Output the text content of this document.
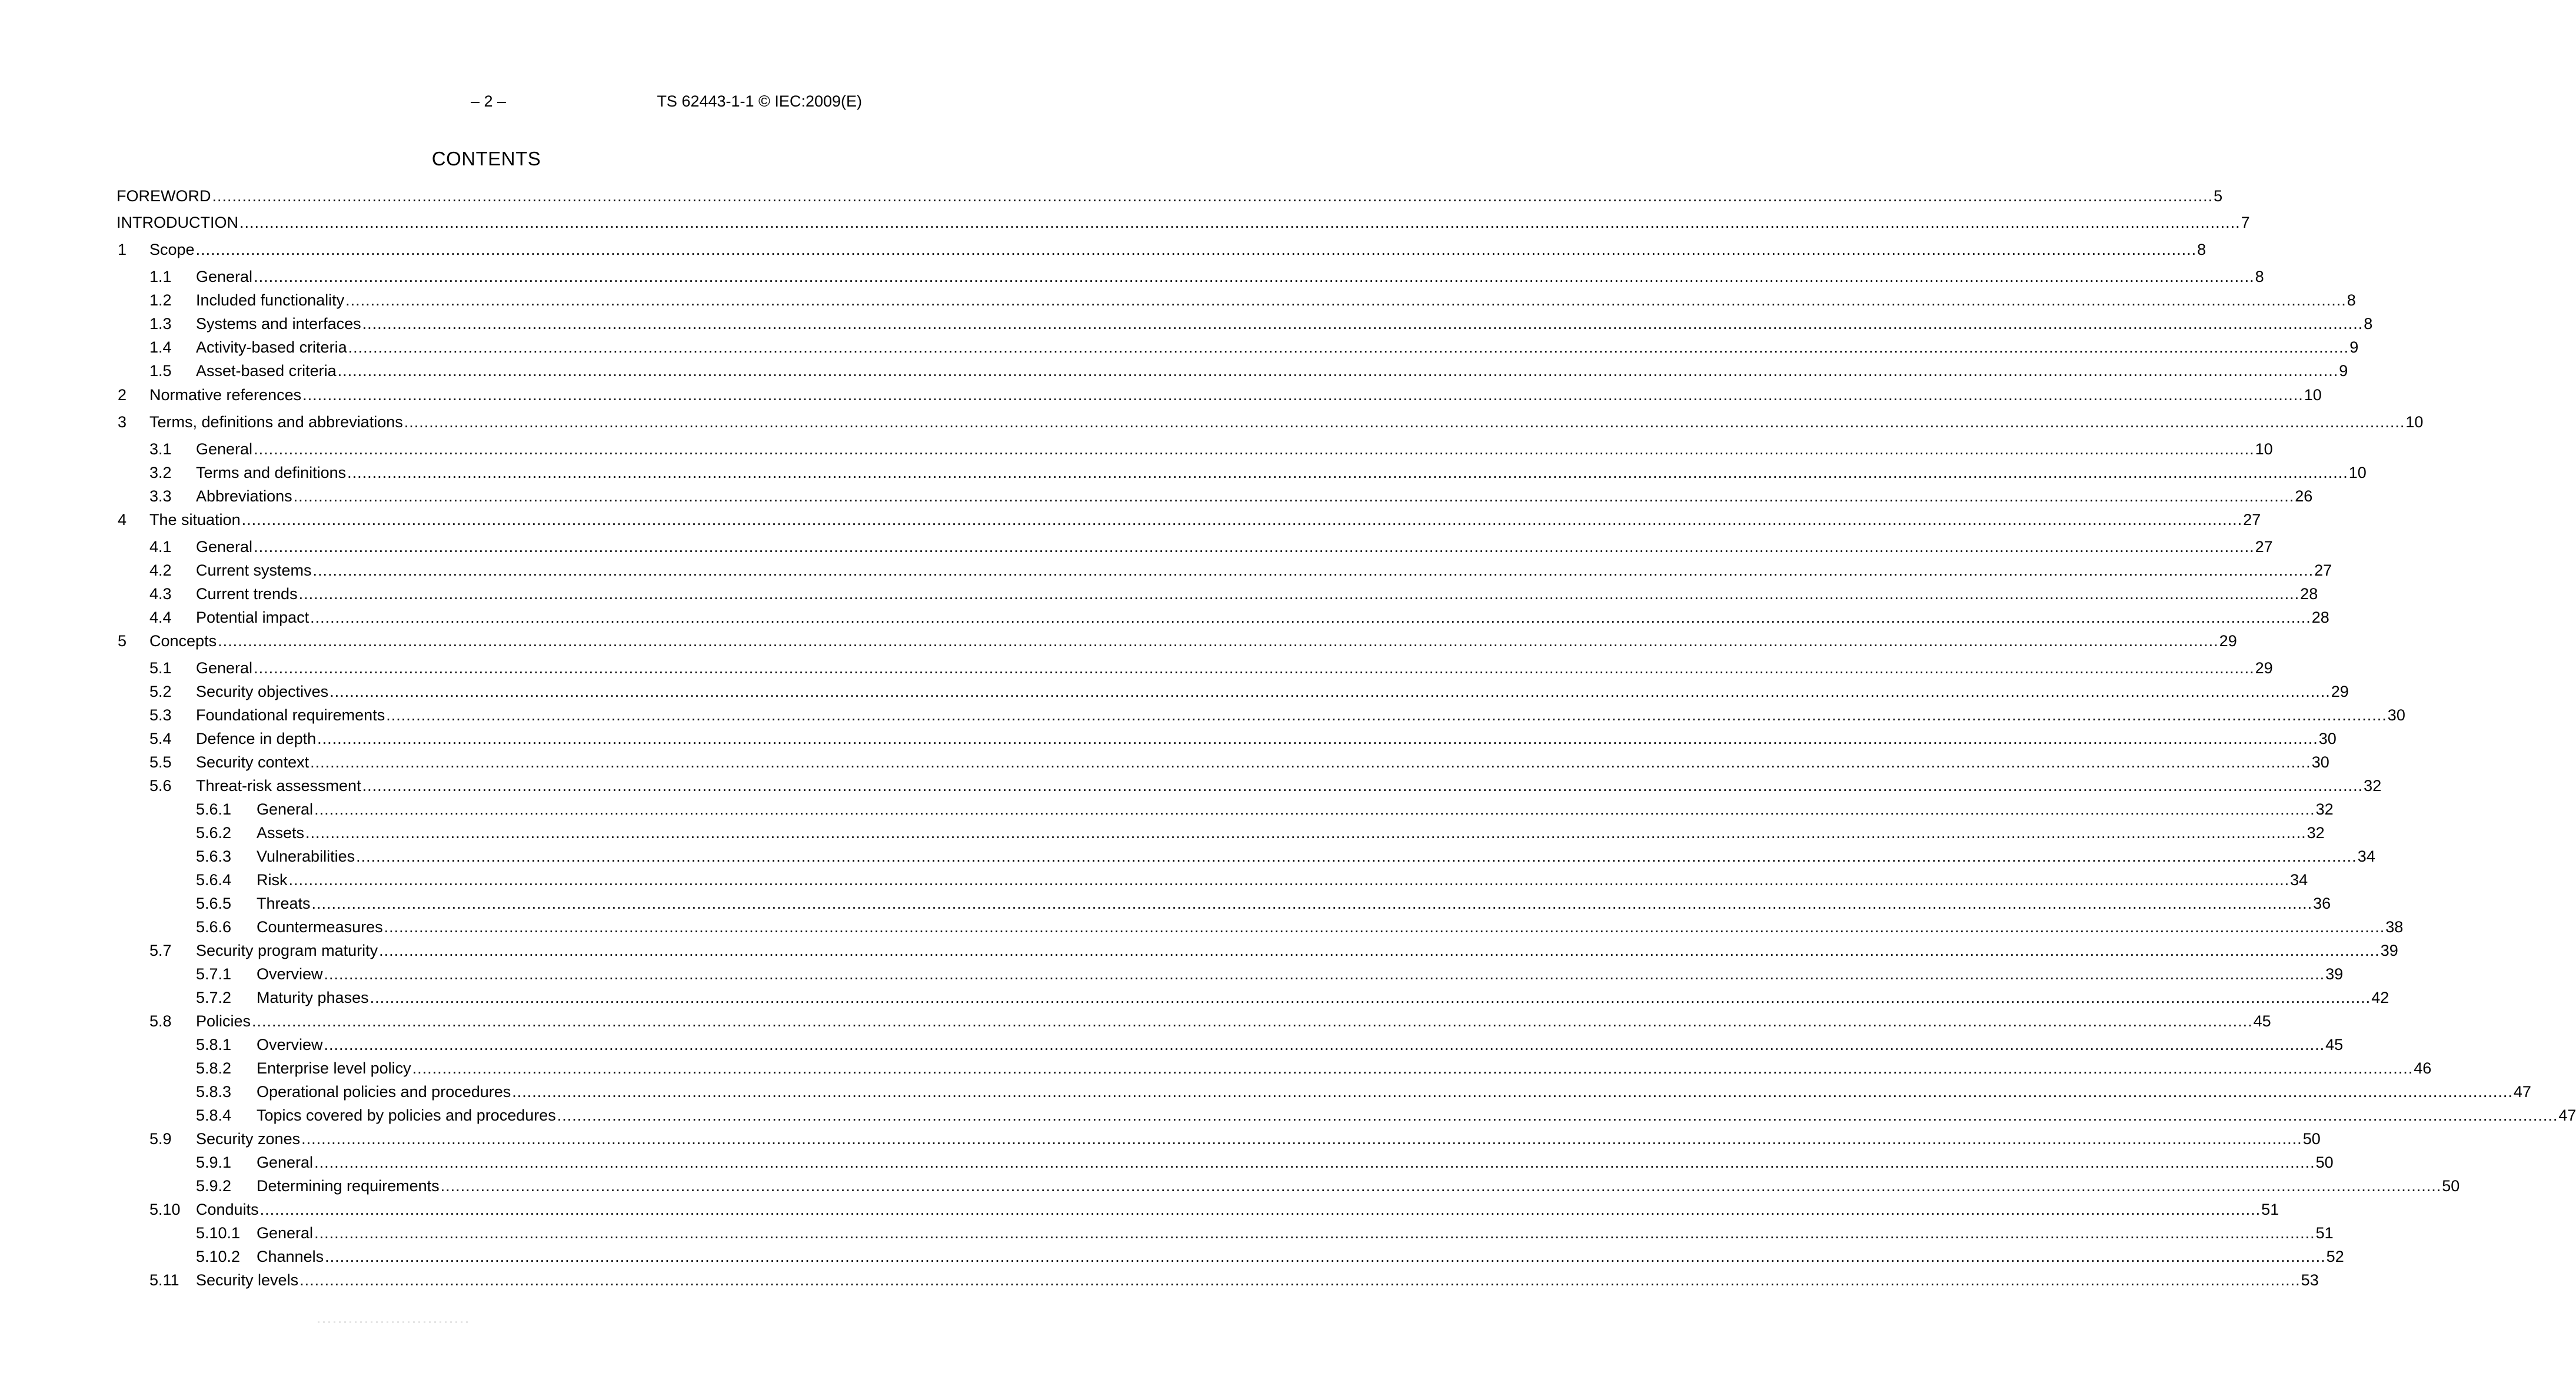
– 2 –	TS 62443-1-1 © IEC:2009(E)
CONTENTS
FOREWORD ................................................................................................................................................................................................................................................................................................................................................................................................................ 5
INTRODUCTION ................................................................................................................................................................................................................................................................................................................................................................................................................ 7
1 Scope ................................................................................................................................................................................................................................................................................................................................................................................................................ 8
1.1 General ................................................................................................................................................................................................................................................................................................................................................................................................................ 8
1.2 Included functionality ................................................................................................................................................................................................................................................................................................................................................................................................................ 8
1.3 Systems and interfaces ................................................................................................................................................................................................................................................................................................................................................................................................................ 8
1.4 Activity-based criteria ................................................................................................................................................................................................................................................................................................................................................................................................................ 9
1.5 Asset-based criteria ................................................................................................................................................................................................................................................................................................................................................................................................................ 9
2 Normative references ................................................................................................................................................................................................................................................................................................................................................................................................................ 10
3 Terms, definitions and abbreviations ................................................................................................................................................................................................................................................................................................................................................................................................................ 10
3.1 General ................................................................................................................................................................................................................................................................................................................................................................................................................ 10
3.2 Terms and definitions ................................................................................................................................................................................................................................................................................................................................................................................................................ 10
3.3 Abbreviations ................................................................................................................................................................................................................................................................................................................................................................................................................ 26
4 The situation ................................................................................................................................................................................................................................................................................................................................................................................................................ 27
4.1 General ................................................................................................................................................................................................................................................................................................................................................................................................................ 27
4.2 Current systems ................................................................................................................................................................................................................................................................................................................................................................................................................ 27
4.3 Current trends ................................................................................................................................................................................................................................................................................................................................................................................................................ 28
4.4 Potential impact ................................................................................................................................................................................................................................................................................................................................................................................................................ 28
5 Concepts ................................................................................................................................................................................................................................................................................................................................................................................................................ 29
5.1 General ................................................................................................................................................................................................................................................................................................................................................................................................................ 29
5.2 Security objectives ................................................................................................................................................................................................................................................................................................................................................................................................................ 29
5.3 Foundational requirements ................................................................................................................................................................................................................................................................................................................................................................................................................ 30
5.4 Defence in depth ................................................................................................................................................................................................................................................................................................................................................................................................................ 30
5.5 Security context ................................................................................................................................................................................................................................................................................................................................................................................................................ 30
5.6 Threat-risk assessment ................................................................................................................................................................................................................................................................................................................................................................................................................ 32
5.6.1 General ................................................................................................................................................................................................................................................................................................................................................................................................................ 32
5.6.2 Assets ................................................................................................................................................................................................................................................................................................................................................................................................................ 32
5.6.3 Vulnerabilities ................................................................................................................................................................................................................................................................................................................................................................................................................ 34
5.6.4 Risk ................................................................................................................................................................................................................................................................................................................................................................................................................ 34
5.6.5 Threats ................................................................................................................................................................................................................................................................................................................................................................................................................ 36
5.6.6 Countermeasures ................................................................................................................................................................................................................................................................................................................................................................................................................ 38
5.7 Security program maturity ................................................................................................................................................................................................................................................................................................................................................................................................................ 39
5.7.1 Overview ................................................................................................................................................................................................................................................................................................................................................................................................................ 39
5.7.2 Maturity phases ................................................................................................................................................................................................................................................................................................................................................................................................................ 42
5.8 Policies ................................................................................................................................................................................................................................................................................................................................................................................................................ 45
5.8.1 Overview ................................................................................................................................................................................................................................................................................................................................................................................................................ 45
5.8.2 Enterprise level policy ................................................................................................................................................................................................................................................................................................................................................................................................................ 46
5.8.3 Operational policies and procedures ................................................................................................................................................................................................................................................................................................................................................................................................................ 47
5.8.4 Topics covered by policies and procedures ................................................................................................................................................................................................................................................................................................................................................................................................................ 47
5.9 Security zones ................................................................................................................................................................................................................................................................................................................................................................................................................ 50
5.9.1 General ................................................................................................................................................................................................................................................................................................................................................................................................................ 50
5.9.2 Determining requirements ................................................................................................................................................................................................................................................................................................................................................................................................................ 50
5.10 Conduits ................................................................................................................................................................................................................................................................................................................................................................................................................ 51
5.10.1 General ................................................................................................................................................................................................................................................................................................................................................................................................................ 51
5.10.2 Channels ................................................................................................................................................................................................................................................................................................................................................................................................................ 52
5.11 Security levels ................................................................................................................................................................................................................................................................................................................................................................................................................ 53
